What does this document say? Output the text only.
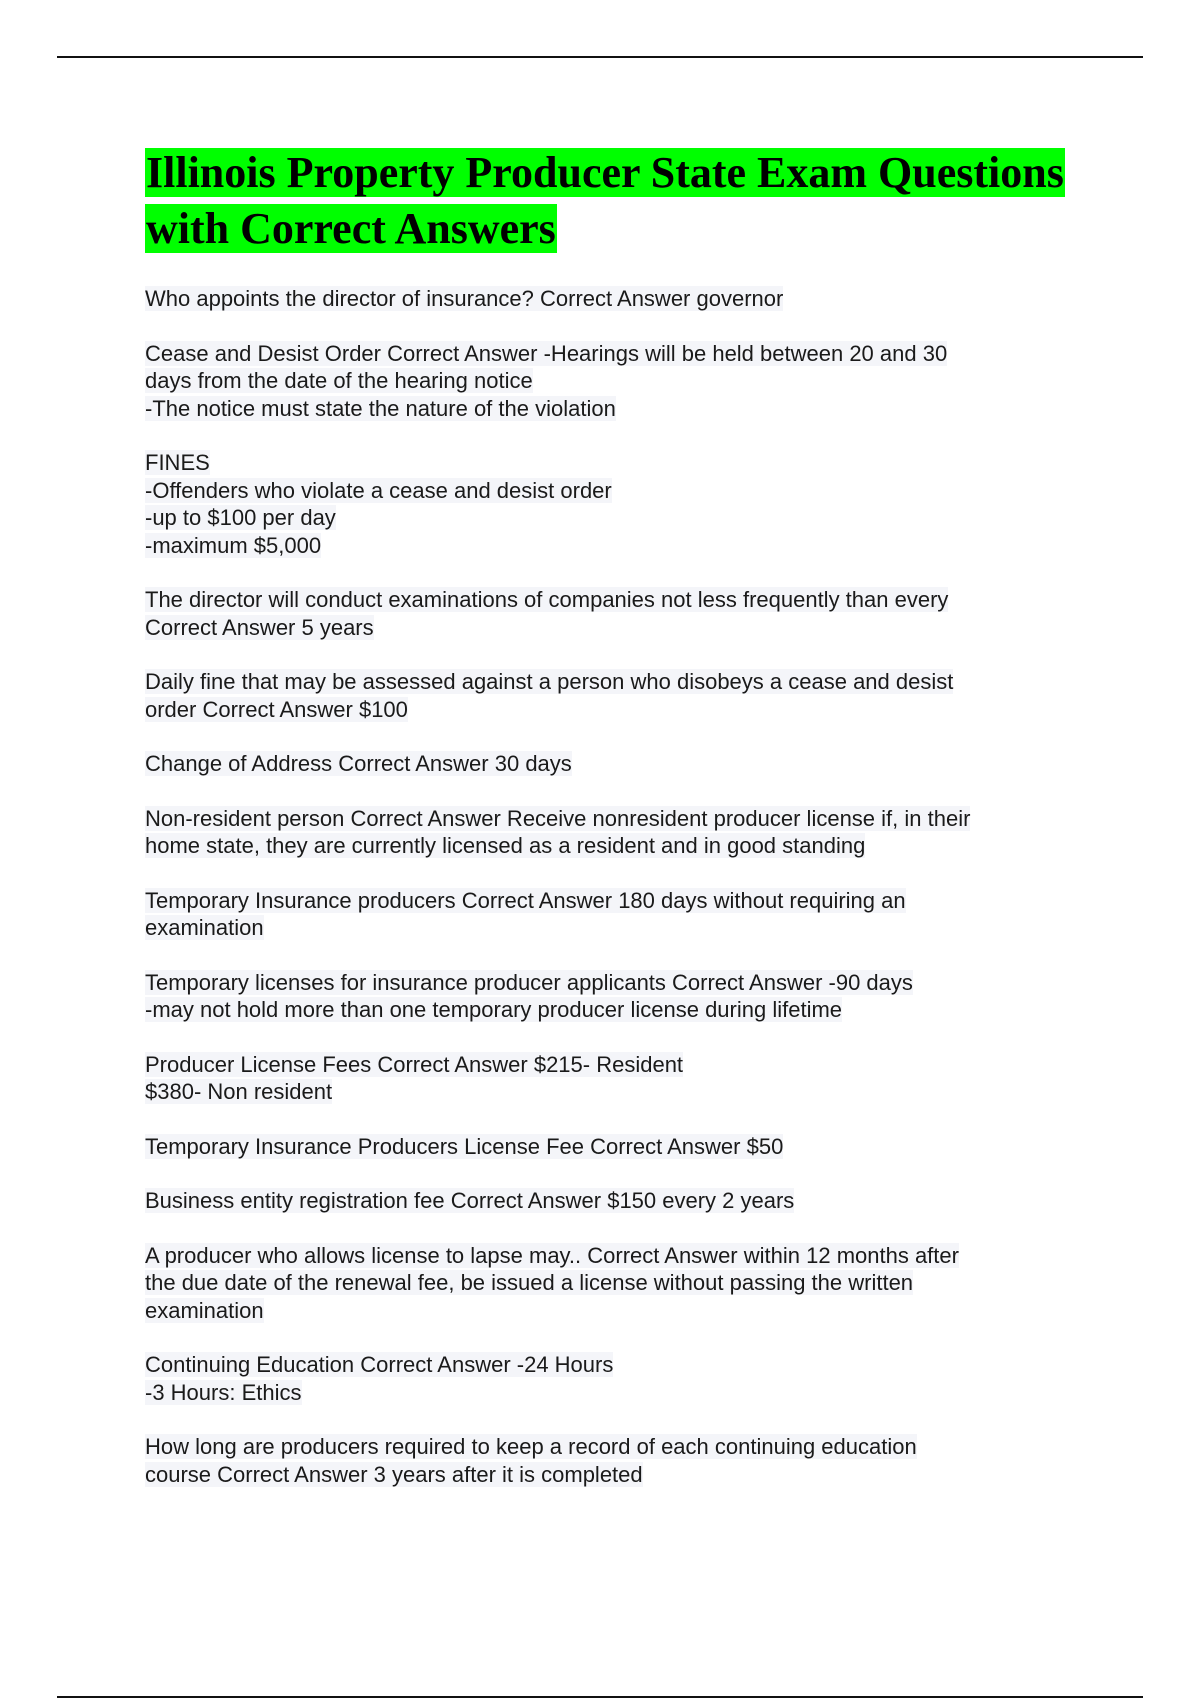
Illinois Property Producer State Exam Questions with Correct Answers

Who appoints the director of insurance? Correct Answer governor

Cease and Desist Order Correct Answer -Hearings will be held between 20 and 30
days from the date of the hearing notice
-The notice must state the nature of the violation

FINES
-Offenders who violate a cease and desist order
-up to $100 per day
-maximum $5,000

The director will conduct examinations of companies not less frequently than every
Correct Answer 5 years

Daily fine that may be assessed against a person who disobeys a cease and desist
order Correct Answer $100

Change of Address Correct Answer 30 days

Non-resident person Correct Answer Receive nonresident producer license if, in their
home state, they are currently licensed as a resident and in good standing

Temporary Insurance producers Correct Answer 180 days without requiring an
examination

Temporary licenses for insurance producer applicants Correct Answer -90 days
-may not hold more than one temporary producer license during lifetime

Producer License Fees Correct Answer $215- Resident
$380- Non resident

Temporary Insurance Producers License Fee Correct Answer $50

Business entity registration fee Correct Answer $150 every 2 years

A producer who allows license to lapse may.. Correct Answer within 12 months after
the due date of the renewal fee, be issued a license without passing the written
examination

Continuing Education Correct Answer -24 Hours
-3 Hours: Ethics

How long are producers required to keep a record of each continuing education
course Correct Answer 3 years after it is completed
